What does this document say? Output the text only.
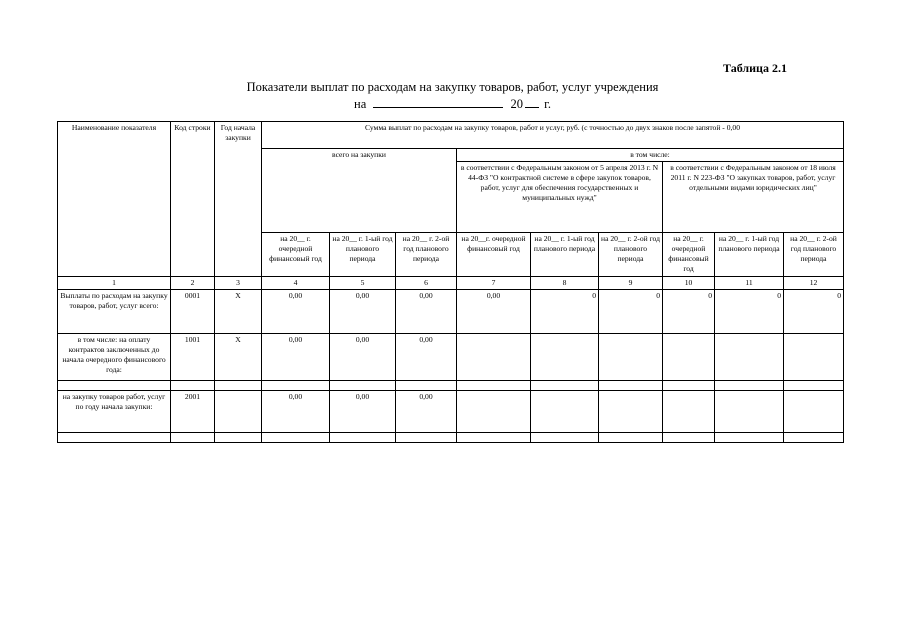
Таблица 2.1
Показатели выплат по расходам на закупку товаров, работ, услуг учреждения
на	20 г.
Наименование показателя	Код строки	Год начала закупки	Сумма выплат по расходам на закупку товаров, работ и услуг, руб. (с точностью до двух знаков после запятой - 0,00								
			всего на закупки			в том числе:					
						в соответствии с Федеральным законом от 5 апреля 2013 г. N 44-ФЗ "О контрактной системе в сфере закупок товаров, работ, услуг для обеспечения государственных и муниципальных нужд"			в соответствии с Федеральным законом от 18 июля 2011 г. N 223-ФЗ "О закупках товаров, работ, услуг отдельными видами юридических лиц"		
			на 20__ г. очередной финансовый год	на 20__ г. 1-ый год планового периода	на 20__ г. 2-ой год планового периода	на 20__г. очередной финансовый год	на 20__ г. 1-ый год планового периода	на 20__ г. 2-ой год планового периода	на 20__ г. очередной финансовый год	на 20__ г. 1-ый год планового периода	на 20__ г. 2-ой год планового периода
1	2	3	4	5	6	7	8	9	10	11	12
Выплаты по расходам на закупку товаров, работ, услуг всего:	0001	X	0,00	0,00	0,00	0,00	0	0	0	0	0
в том числе: на оплату контрактов заключенных до начала очередного финансового года:	1001	X	0,00	0,00	0,00						

на закупку товаров работ, услуг по году начала закупки:	2001		0,00	0,00	0,00						
